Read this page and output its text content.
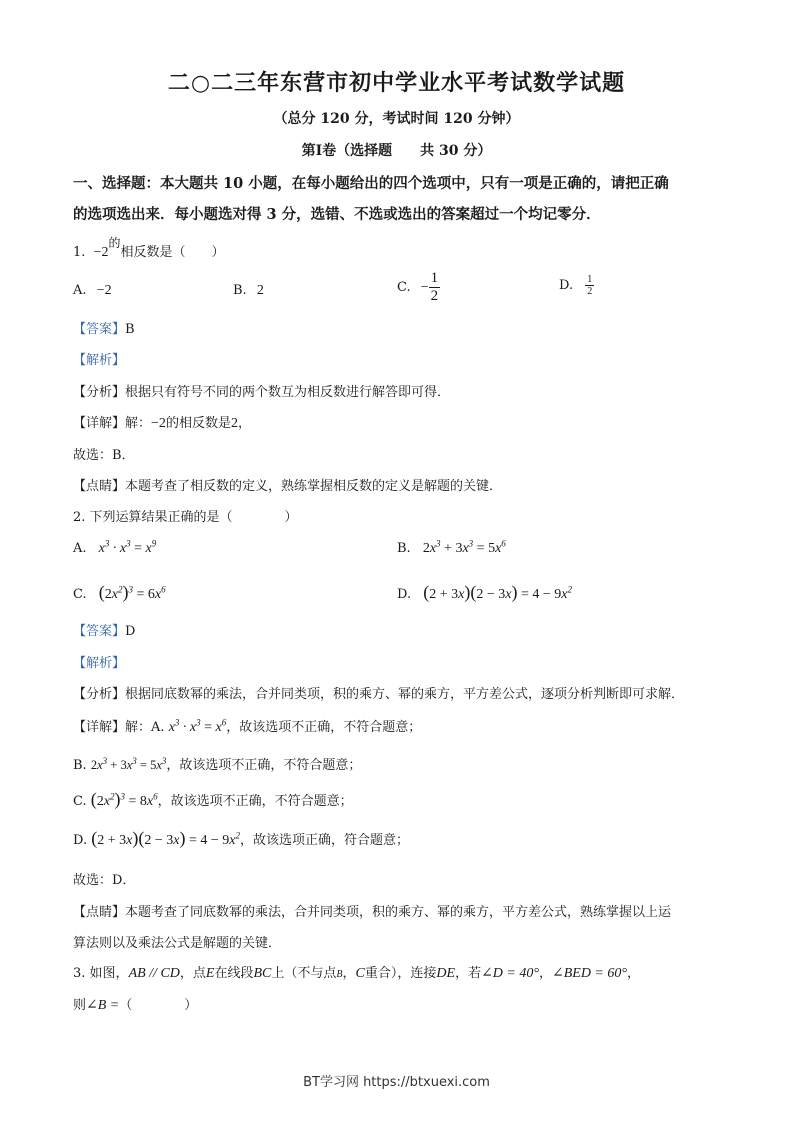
二○二三年东营市初中学业水平考试数学试题
（总分 120 分，考试时间 120 分钟）
第Ⅰ卷（选择题　　共 30 分）
一、选择题：本大题共 10 小题，在每小题给出的四个选项中，只有一项是正确的，请把正确
的选项选出来．每小题选对得 3 分，选错、不选或选出的答案超过一个均记零分．
1. $-2^的$相反数是（　　）
A. −2	B. 2	C. − $\frac{1}{2}$	D. $\frac{1}{2}$
【答案】B
【解析】
【分析】根据只有符号不同的两个数互为相反数进行解答即可得．
【详解】解：−2的相反数是2，
故选：B．
【点睛】本题考查了相反数的定义，熟练掌握相反数的定义是解题的关键．
2. 下列运算结果正确的是（　　　　）
A. $x^3 \cdot x^3 = x^9$	B. $2x^3 + 3x^3 = 5x^6$
C. $(2x^2)^3 = 6x^6$	D. $(2 + 3x)(2 - 3x) = 4 - 9x^2$
【答案】D
【解析】
【分析】根据同底数幂的乘法，合并同类项，积的乘方、幂的乘方，平方差公式，逐项分析判断即可求解．
【详解】解：A. $x^3 \cdot x^3 = x^6$，故该选项不正确，不符合题意；
B. $2x^3 + 3x^3 = 5x^3$，故该选项不正确，不符合题意；
C. $(2x^2)^3 = 8x^6$，故该选项不正确，不符合题意；
D. $(2 + 3x)(2 - 3x) = 4 - 9x^2$，故该选项正确，符合题意；
故选：D．
【点睛】本题考查了同底数幂的乘法，合并同类项，积的乘方、幂的乘方，平方差公式，熟练掌握以上运
算法则以及乘法公式是解题的关键．
3. 如图，AB // CD，点E在线段BC上（不与点B，C重合），连接DE，若∠D = 40°，∠BED = 60°，
则∠B =（　　　　）
BT学习网 https://btxuexi.com
